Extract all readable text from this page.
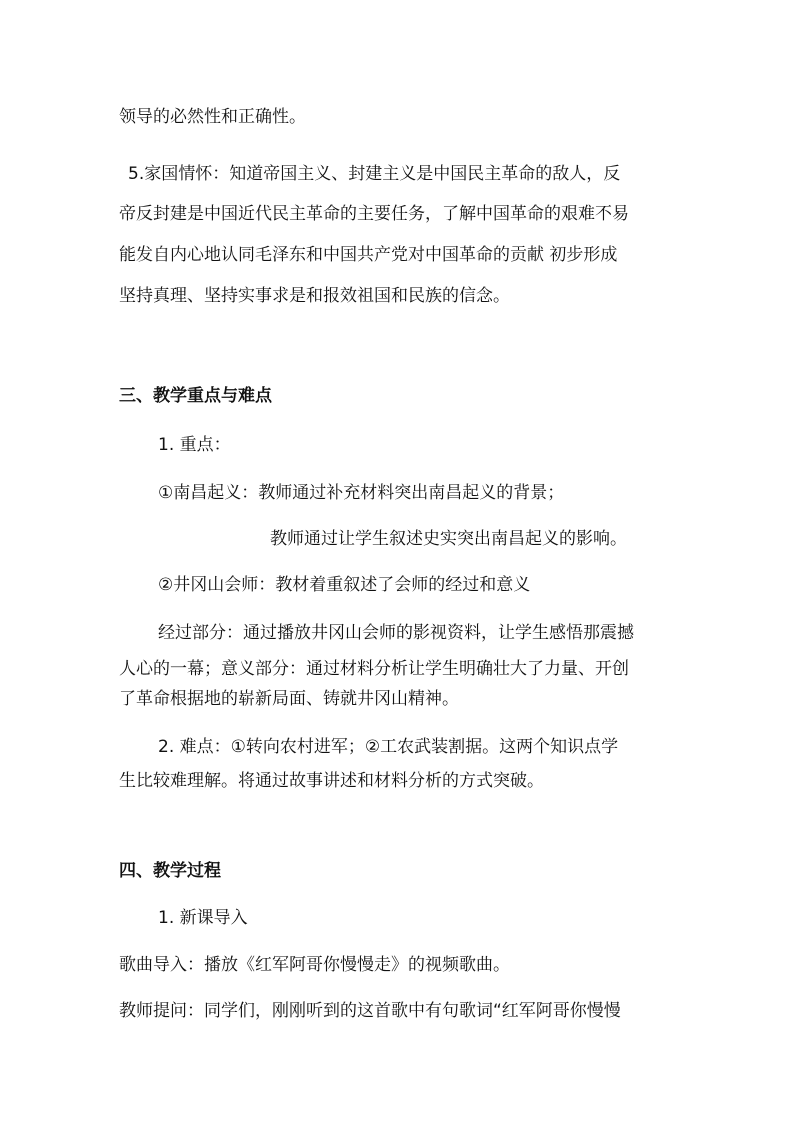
领导的必然性和正确性。
5.家国情怀：知道帝国主义、封建主义是中国民主革命的敌人，反
帝反封建是中国近代民主革命的主要任务，了解中国革命的艰难不易
能发自内心地认同毛泽东和中国共产党对中国革命的贡献 初步形成
坚持真理、坚持实事求是和报效祖国和民族的信念。
三、教学重点与难点
1. 重点：
①南昌起义：教师通过补充材料突出南昌起义的背景；
教师通过让学生叙述史实突出南昌起义的影响。
②井冈山会师：教材着重叙述了会师的经过和意义
经过部分：通过播放井冈山会师的影视资料，让学生感悟那震撼
人心的一幕；意义部分：通过材料分析让学生明确壮大了力量、开创
了革命根据地的崭新局面、铸就井冈山精神。
2. 难点：①转向农村进军；②工农武装割据。这两个知识点学
生比较难理解。将通过故事讲述和材料分析的方式突破。
四、教学过程
1. 新课导入
歌曲导入：播放《红军阿哥你慢慢走》的视频歌曲。
教师提问：同学们，刚刚听到的这首歌中有句歌词“红军阿哥你慢慢
